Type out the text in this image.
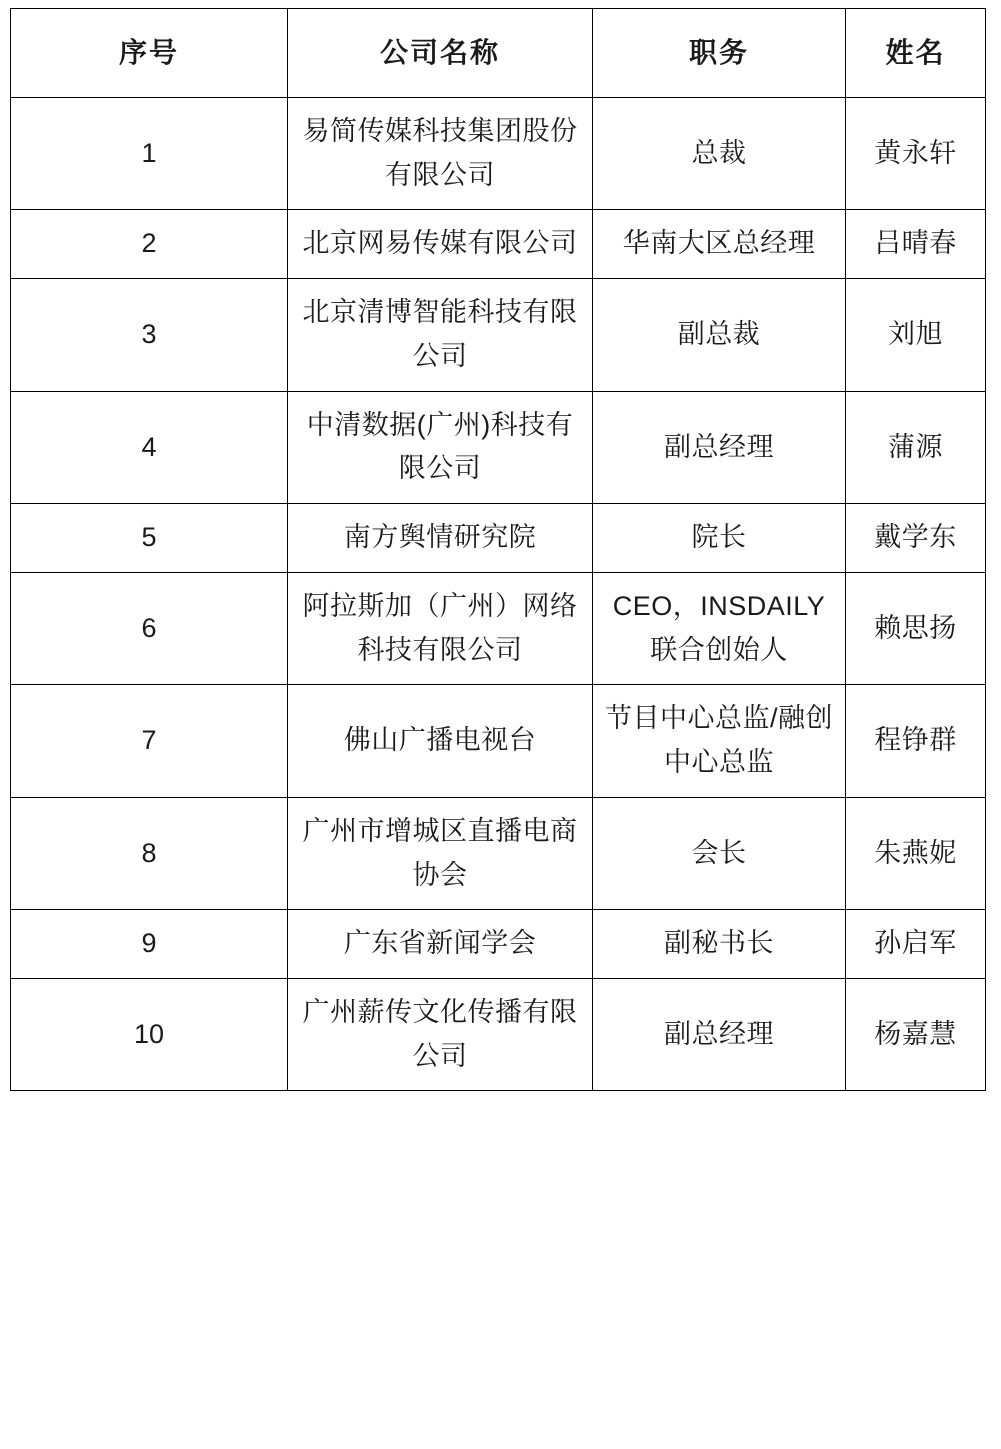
序号	公司名称	职务	姓名
1	易简传媒科技集团股份有限公司	总裁	黄永轩
2	北京网易传媒有限公司	华南大区总经理	吕晴春
3	北京清博智能科技有限公司	副总裁	刘旭
4	中清数据(广州)科技有限公司	副总经理	蒲源
5	南方舆情研究院	院长	戴学东
6	阿拉斯加（广州）网络科技有限公司	CEO，INSDAILY联合创始人	赖思扬
7	佛山广播电视台	节目中心总监/融创中心总监	程铮群
8	广州市增城区直播电商协会	会长	朱燕妮
9	广东省新闻学会	副秘书长	孙启军
10	广州薪传文化传播有限公司	副总经理	杨嘉慧
